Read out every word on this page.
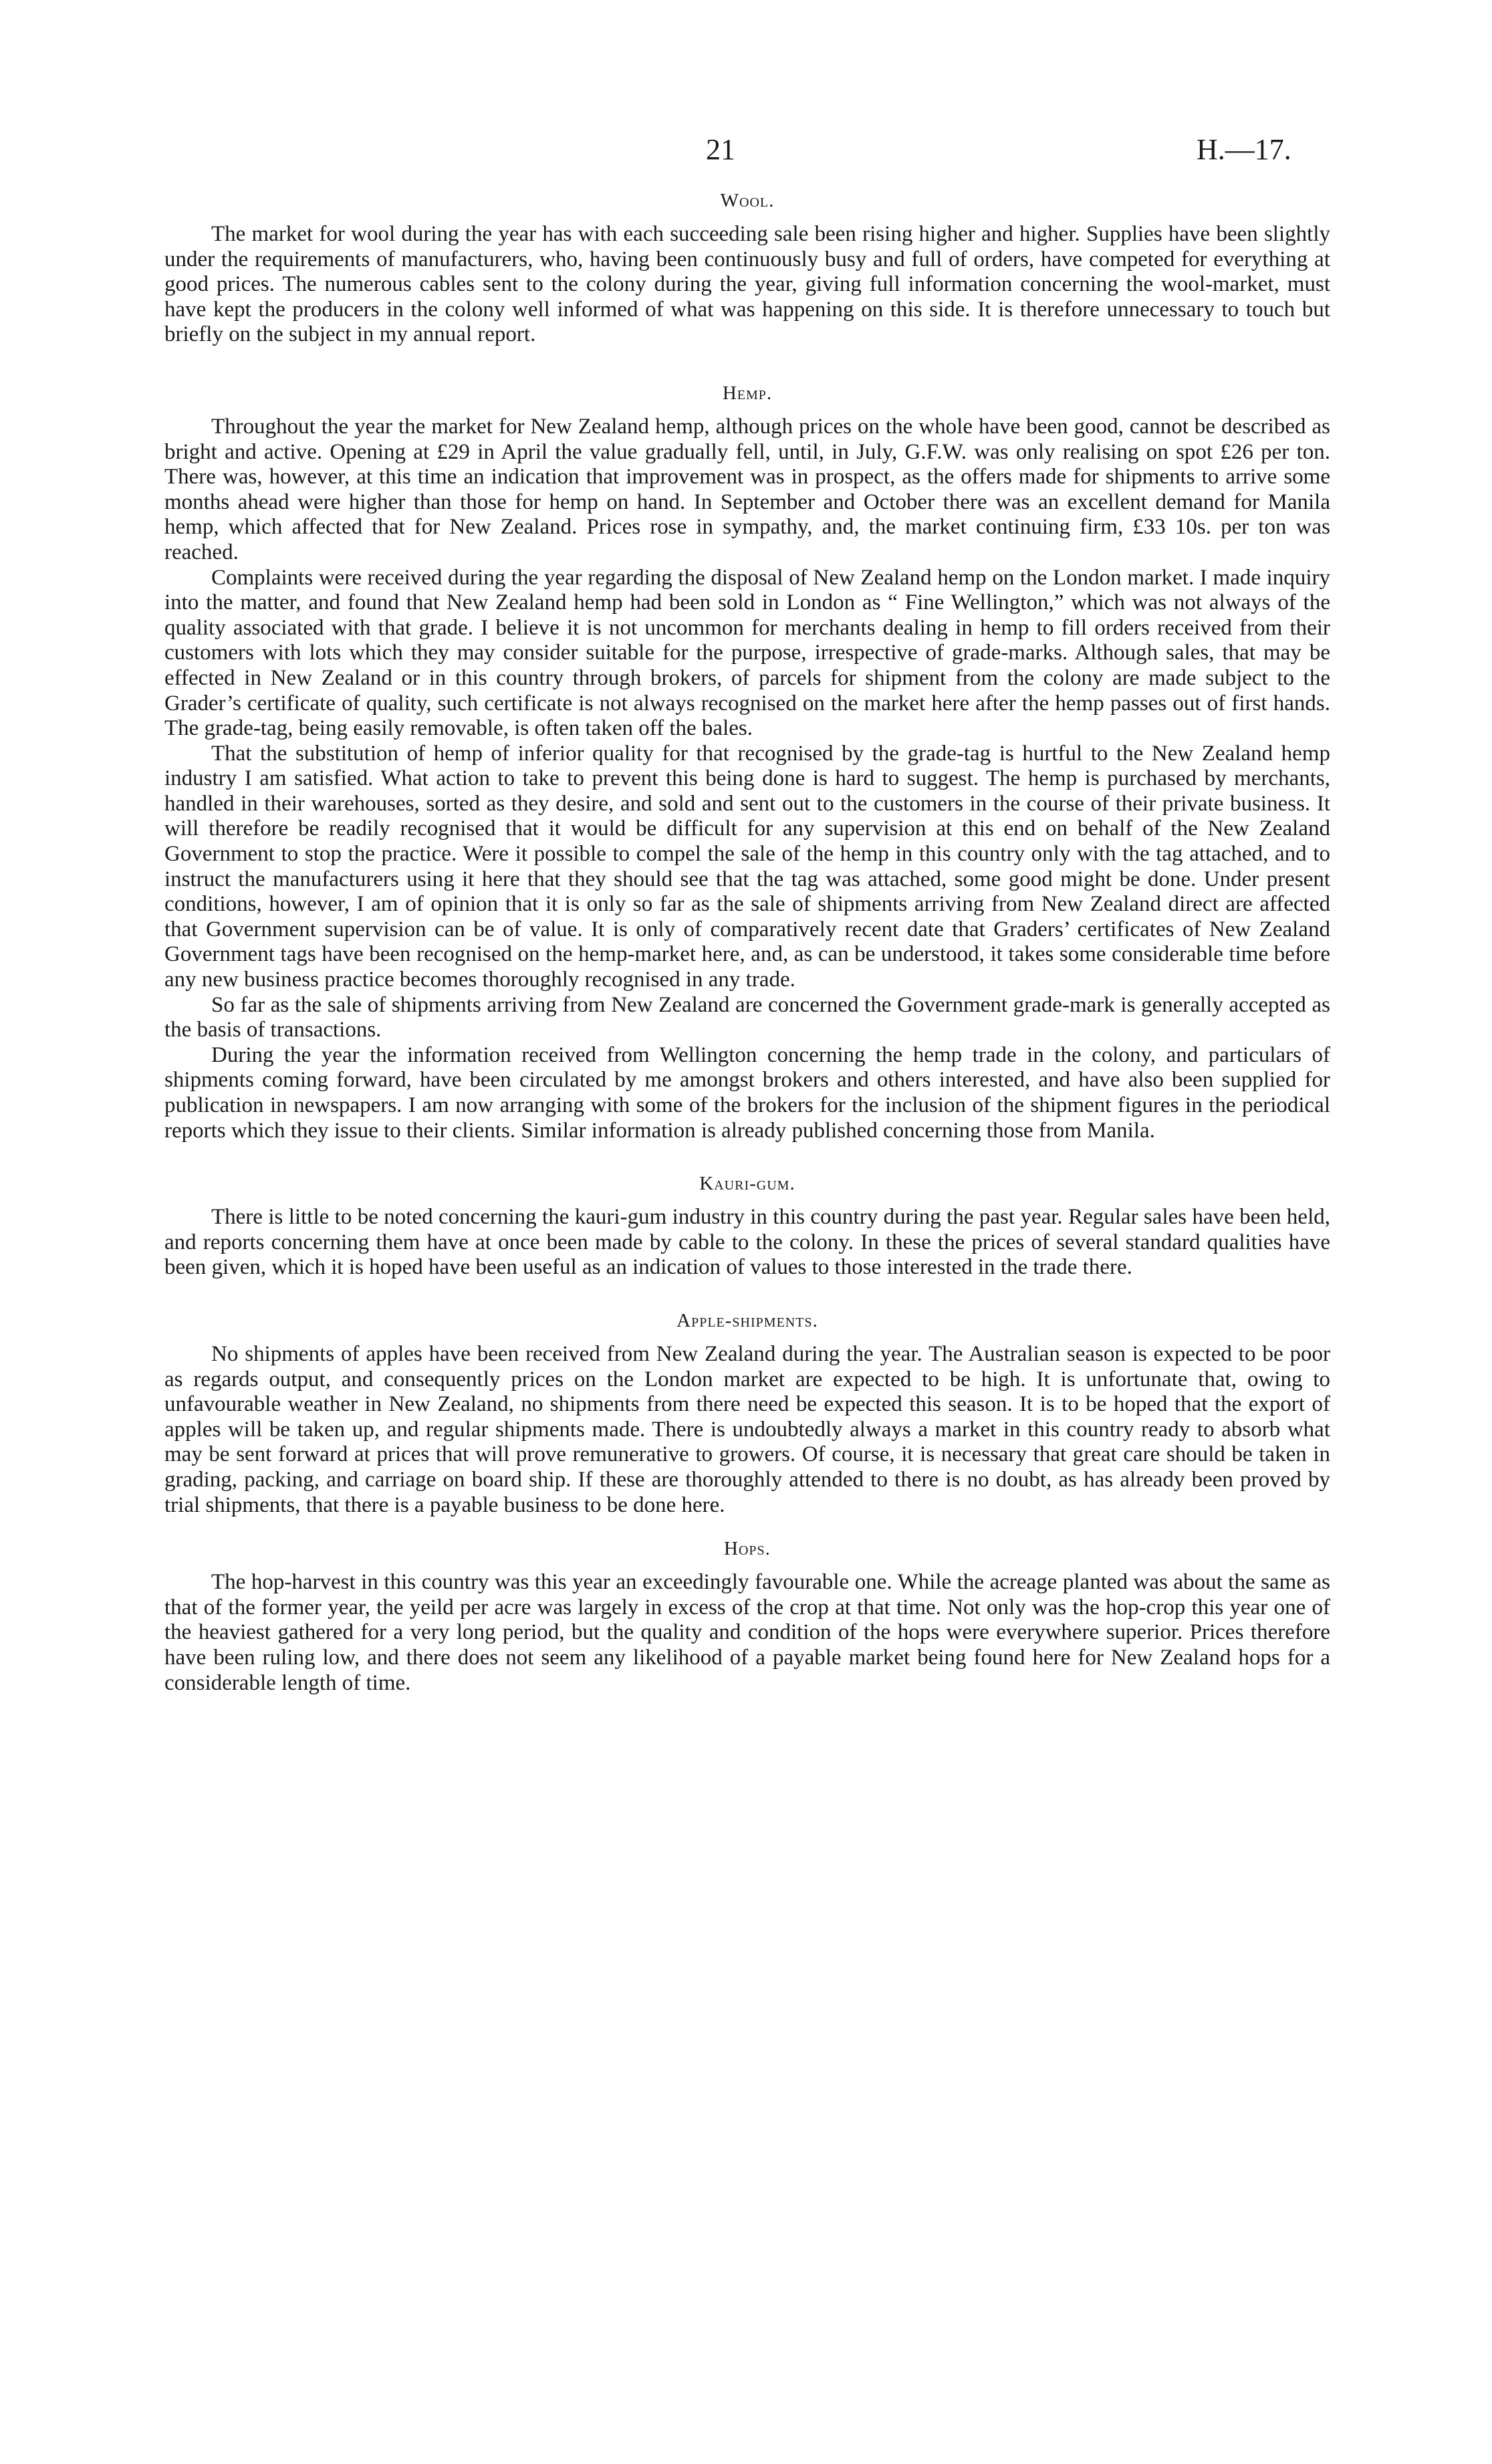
21	H.—17.
Wool.

The market for wool during the year has with each succeeding sale been rising higher and higher. Supplies have been slightly under the requirements of manufacturers, who, having been continuously busy and full of orders, have competed for everything at good prices. The numerous cables sent to the colony during the year, giving full information concerning the wool-market, must have kept the producers in the colony well informed of what was happening on this side. It is therefore unnecessary to touch but briefly on the subject in my annual report.

Hemp.

Throughout the year the market for New Zealand hemp, although prices on the whole have been good, cannot be described as bright and active. Opening at £29 in April the value gradually fell, until, in July, G.F.W. was only realising on spot £26 per ton. There was, however, at this time an indication that improvement was in prospect, as the offers made for shipments to arrive some months ahead were higher than those for hemp on hand. In September and October there was an excellent demand for Manila hemp, which affected that for New Zealand. Prices rose in sympathy, and, the market continuing firm, £33 10s. per ton was reached.

Complaints were received during the year regarding the disposal of New Zealand hemp on the London market. I made inquiry into the matter, and found that New Zealand hemp had been sold in London as “ Fine Wellington,” which was not always of the quality associated with that grade. I believe it is not uncommon for merchants dealing in hemp to fill orders received from their customers with lots which they may consider suitable for the purpose, irrespective of grade-marks. Although sales, that may be effected in New Zealand or in this country through brokers, of parcels for shipment from the colony are made subject to the Grader’s certificate of quality, such certificate is not always recognised on the market here after the hemp passes out of first hands. The grade-tag, being easily removable, is often taken off the bales.

That the substitution of hemp of inferior quality for that recognised by the grade-tag is hurtful to the New Zealand hemp industry I am satisfied. What action to take to prevent this being done is hard to suggest. The hemp is purchased by merchants, handled in their warehouses, sorted as they desire, and sold and sent out to the customers in the course of their private business. It will therefore be readily recognised that it would be difficult for any supervision at this end on behalf of the New Zealand Government to stop the practice. Were it possible to compel the sale of the hemp in this country only with the tag attached, and to instruct the manufacturers using it here that they should see that the tag was attached, some good might be done. Under present conditions, however, I am of opinion that it is only so far as the sale of shipments arriving from New Zealand direct are affected that Government supervision can be of value. It is only of comparatively recent date that Graders’ certificates of New Zealand Government tags have been recognised on the hemp-market here, and, as can be understood, it takes some considerable time before any new business practice becomes thoroughly recognised in any trade.

So far as the sale of shipments arriving from New Zealand are concerned the Government grade-mark is generally accepted as the basis of transactions.

During the year the information received from Wellington concerning the hemp trade in the colony, and particulars of shipments coming forward, have been circulated by me amongst brokers and others interested, and have also been supplied for publication in newspapers. I am now arranging with some of the brokers for the inclusion of the shipment figures in the periodical reports which they issue to their clients. Similar information is already published concerning those from Manila.

Kauri-gum.

There is little to be noted concerning the kauri-gum industry in this country during the past year. Regular sales have been held, and reports concerning them have at once been made by cable to the colony. In these the prices of several standard qualities have been given, which it is hoped have been useful as an indication of values to those interested in the trade there.

Apple-shipments.

No shipments of apples have been received from New Zealand during the year. The Australian season is expected to be poor as regards output, and consequently prices on the London market are expected to be high. It is unfortunate that, owing to unfavourable weather in New Zealand, no shipments from there need be expected this season. It is to be hoped that the export of apples will be taken up, and regular shipments made. There is undoubtedly always a market in this country ready to absorb what may be sent forward at prices that will prove remunerative to growers. Of course, it is necessary that great care should be taken in grading, packing, and carriage on board ship. If these are thoroughly attended to there is no doubt, as has already been proved by trial shipments, that there is a payable business to be done here.

Hops.

The hop-harvest in this country was this year an exceedingly favourable one. While the acreage planted was about the same as that of the former year, the yeild per acre was largely in excess of the crop at that time. Not only was the hop-crop this year one of the heaviest gathered for a very long period, but the quality and condition of the hops were everywhere superior. Prices therefore have been ruling low, and there does not seem any likelihood of a payable market being found here for New Zealand hops for a considerable length of time.
